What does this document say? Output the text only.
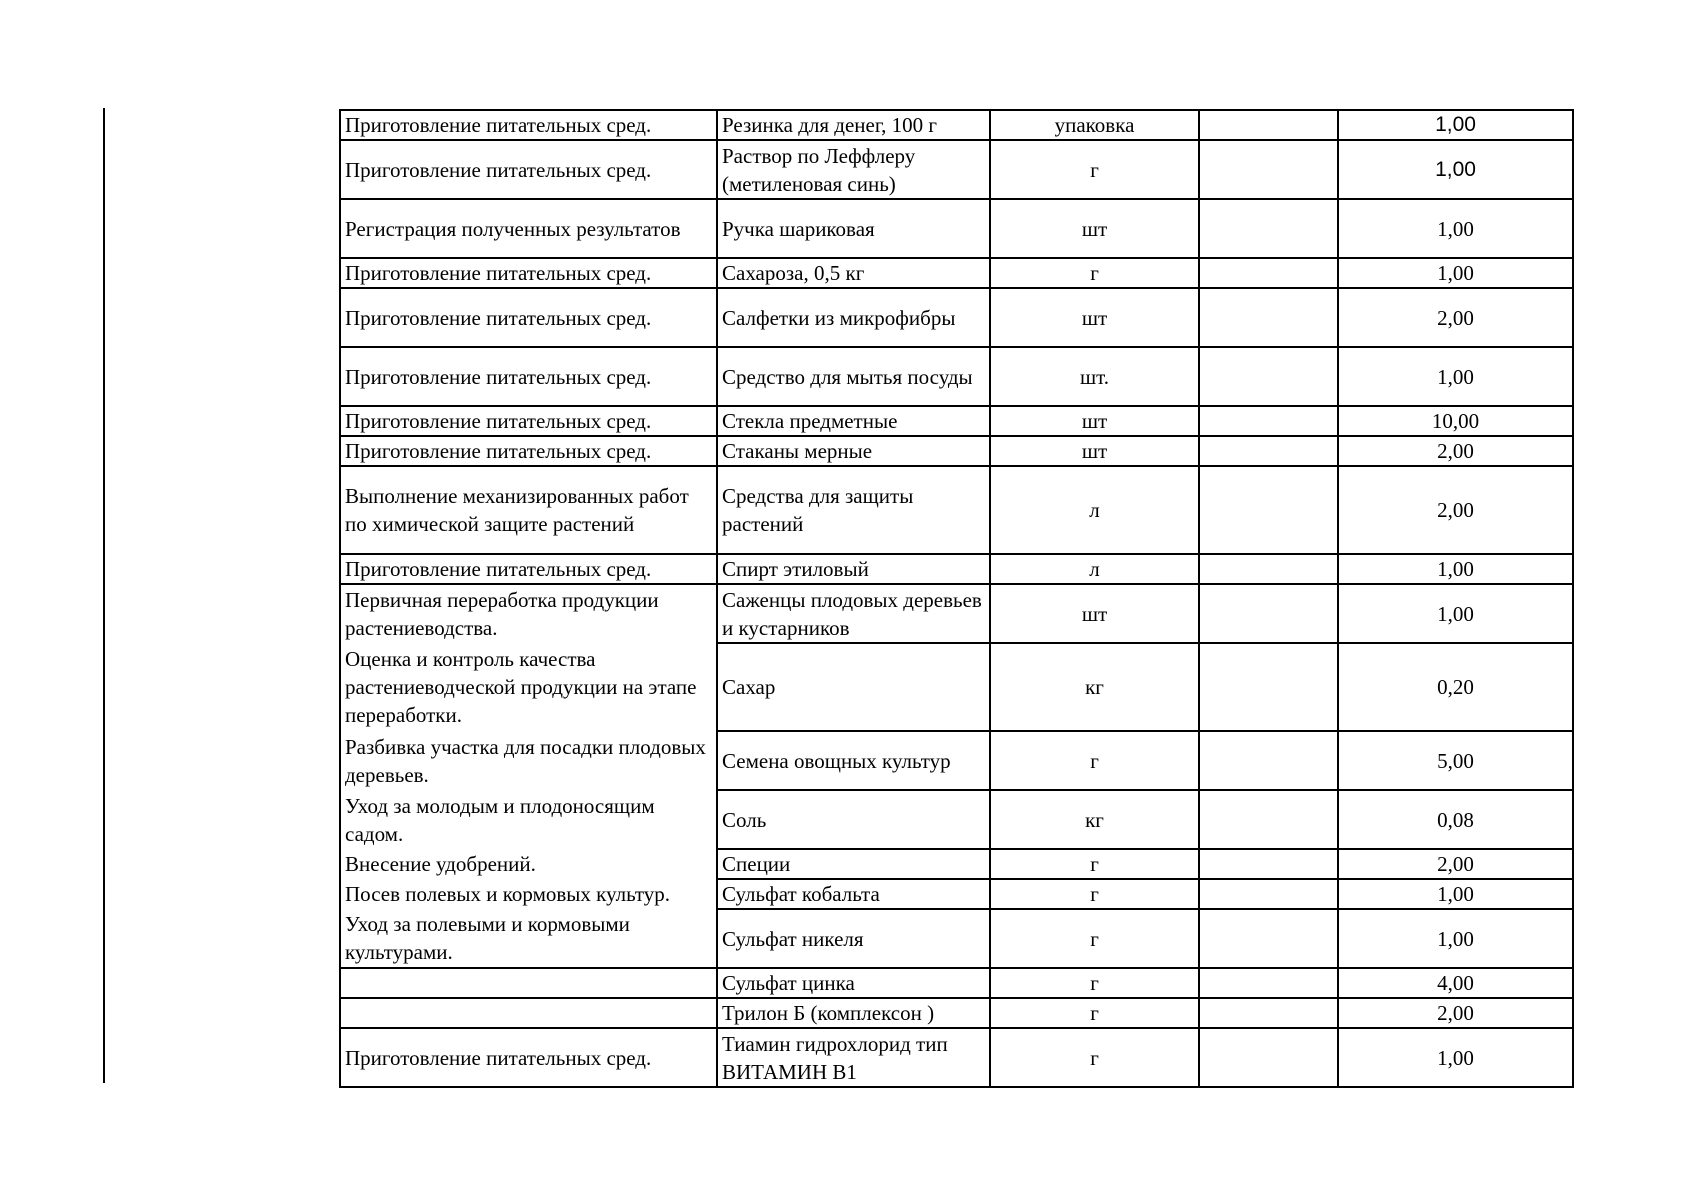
Приготовление питательных сред.	Резинка для денег, 100 г	упаковка		1,00
Приготовление питательных сред.	Раствор по Леффлеру (метиленовая синь)	г		1,00
Регистрация полученных результатов	Ручка шариковая	шт		1,00
Приготовление питательных сред.	Сахароза, 0,5 кг	г		1,00
Приготовление питательных сред.	Салфетки из микрофибры	шт		2,00
Приготовление питательных сред.	Средство для мытья посуды	шт.		1,00
Приготовление питательных сред.	Стекла предметные	шт		10,00
Приготовление питательных сред.	Стаканы мерные	шт		2,00
Выполнение механизированных работ по химической защите растений	Средства для защиты растений	л		2,00
Приготовление питательных сред.	Спирт этиловый	л		1,00
Первичная переработка продукции растениеводства.	Саженцы плодовых деревьев и кустарников	шт		1,00
Оценка и контроль качества растениеводческой продукции на этапе переработки.	Сахар	кг		0,20
Разбивка участка для посадки плодовых деревьев.	Семена овощных культур	г		5,00
Уход за молодым и плодоносящим садом.	Соль	кг		0,08
Внесение удобрений.	Специи	г		2,00
Посев полевых и кормовых культур.	Сульфат кобальта	г		1,00
Уход за полевыми и кормовыми культурами.	Сульфат никеля	г		1,00
	Сульфат цинка	г		4,00
	Трилон Б (комплексон )	г		2,00
Приготовление питательных сред.	Тиамин гидрохлорид тип ВИТАМИН В1	г		1,00
